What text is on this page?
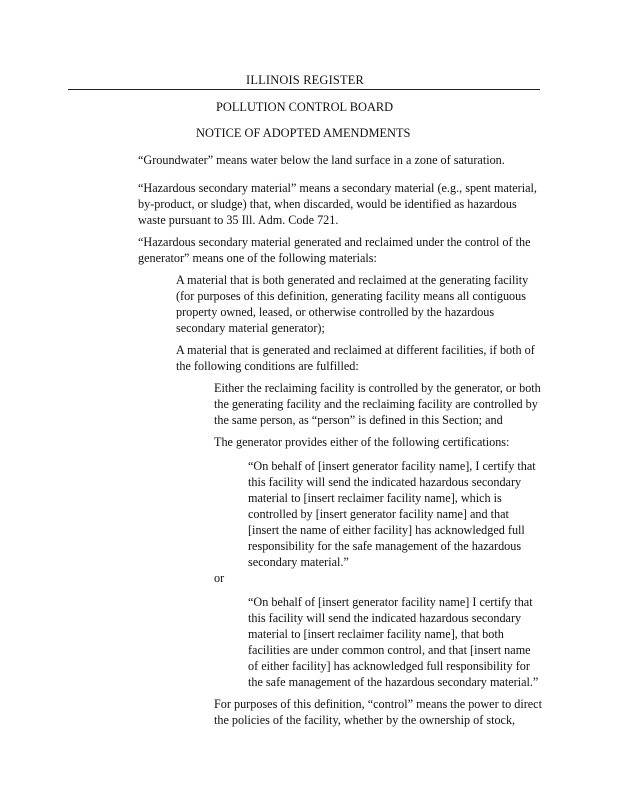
ILLINOIS REGISTER
POLLUTION CONTROL BOARD
NOTICE OF ADOPTED AMENDMENTS
“Groundwater” means water below the land surface in a zone of saturation.
“Hazardous secondary material” means a secondary material (e.g., spent material,
by-product, or sludge) that, when discarded, would be identified as hazardous
waste pursuant to 35 Ill. Adm. Code 721.
“Hazardous secondary material generated and reclaimed under the control of the
generator” means one of the following materials:
A material that is both generated and reclaimed at the generating facility
(for purposes of this definition, generating facility means all contiguous
property owned, leased, or otherwise controlled by the hazardous
secondary material generator);
A material that is generated and reclaimed at different facilities, if both of
the following conditions are fulfilled:
Either the reclaiming facility is controlled by the generator, or both
the generating facility and the reclaiming facility are controlled by
the same person, as “person” is defined in this Section; and
The generator provides either of the following certifications:
“On behalf of [insert generator facility name], I certify that
this facility will send the indicated hazardous secondary
material to [insert reclaimer facility name], which is
controlled by [insert generator facility name] and that
[insert the name of either facility] has acknowledged full
responsibility for the safe management of the hazardous
secondary material.”
or
“On behalf of [insert generator facility name] I certify that
this facility will send the indicated hazardous secondary
material to [insert reclaimer facility name], that both
facilities are under common control, and that [insert name
of either facility] has acknowledged full responsibility for
the safe management of the hazardous secondary material.”
For purposes of this definition, “control” means the power to direct
the policies of the facility, whether by the ownership of stock,
